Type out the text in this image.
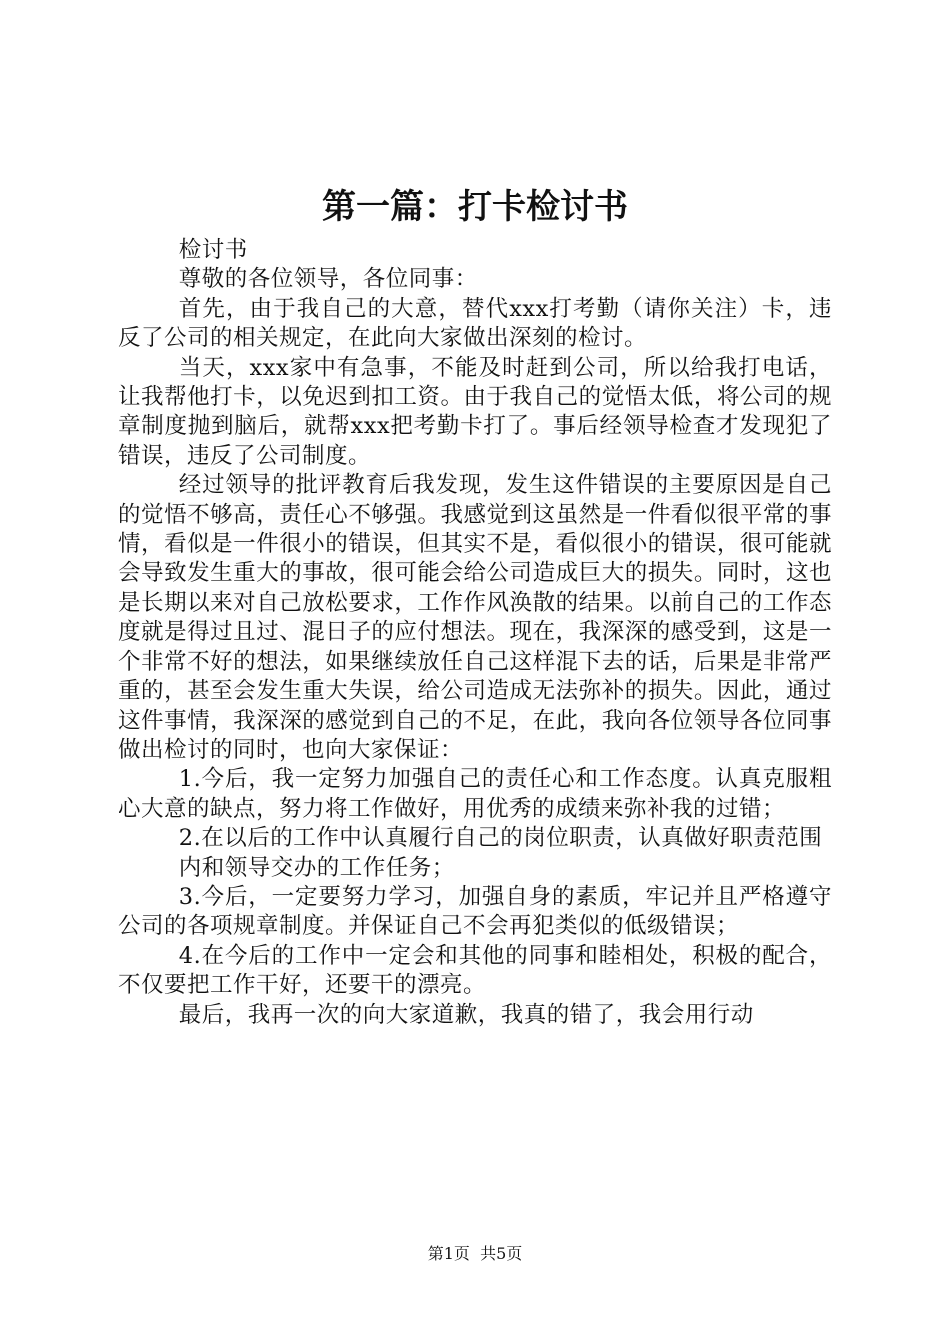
第一篇：打卡检讨书

检讨书

尊敬的各位领导，各位同事：

首先，由于我自己的大意，替代xxx打考勤（请你关注）卡，违反了公司的相关规定，在此向大家做出深刻的检讨。

当天，xxx家中有急事，不能及时赶到公司，所以给我打电话，让我帮他打卡，以免迟到扣工资。由于我自己的觉悟太低，将公司的规章制度抛到脑后，就帮xxx把考勤卡打了。事后经领导检查才发现犯了错误，违反了公司制度。

经过领导的批评教育后我发现，发生这件错误的主要原因是自己的觉悟不够高，责任心不够强。我感觉到这虽然是一件看似很平常的事情，看似是一件很小的错误，但其实不是，看似很小的错误，很可能就会导致发生重大的事故，很可能会给公司造成巨大的损失。同时，这也是长期以来对自己放松要求，工作作风涣散的结果。以前自己的工作态度就是得过且过、混日子的应付想法。现在，我深深的感受到，这是一个非常不好的想法，如果继续放任自己这样混下去的话，后果是非常严重的，甚至会发生重大失误，给公司造成无法弥补的损失。因此，通过这件事情，我深深的感觉到自己的不足，在此，我向各位领导各位同事做出检讨的同时，也向大家保证：

1.今后，我一定努力加强自己的责任心和工作态度。认真克服粗心大意的缺点，努力将工作做好，用优秀的成绩来弥补我的过错；

2.在以后的工作中认真履行自己的岗位职责，认真做好职责范围

内和领导交办的工作任务；

3.今后，一定要努力学习，加强自身的素质，牢记并且严格遵守公司的各项规章制度。并保证自己不会再犯类似的低级错误；

4.在今后的工作中一定会和其他的同事和睦相处，积极的配合，不仅要把工作干好，还要干的漂亮。

最后，我再一次的向大家道歉，我真的错了，我会用行动

第1页 共5页
